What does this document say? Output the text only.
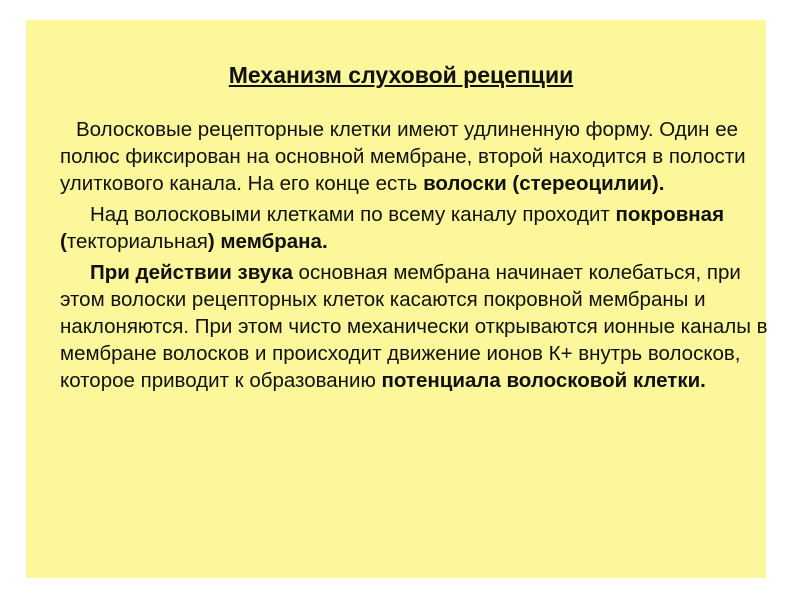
Механизм слуховой рецепции

Волосковые рецепторные клетки имеют удлиненную форму. Один ее полюс фиксирован на основной мембране, второй находится в полости улиткового канала. На его конце есть волоски (стереоцилии).

Над волосковыми клетками по всему каналу проходит покровная (текториальная) мембрана.

При действии звука основная мембрана начинает колебаться, при этом волоски рецепторных клеток касаются покровной мембраны и наклоняются. При этом чисто механически открываются ионные каналы в мембране волосков и происходит движение ионов К+ внутрь волосков, которое приводит к образованию потенциала волосковой клетки.
